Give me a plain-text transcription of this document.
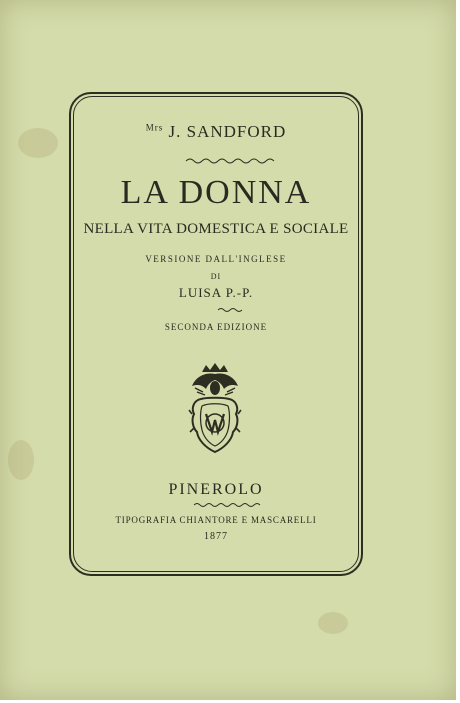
$^{Mrs}$ J. SANDFORD
LA DONNA
NELLA VITA DOMESTICA E SOCIALE
VERSIONE DALL'INGLESE
DI
LUISA P.-P.
SECONDA EDIZIONE
PINEROLO
TIPOGRAFIA CHIANTORE E MASCARELLI
1877
